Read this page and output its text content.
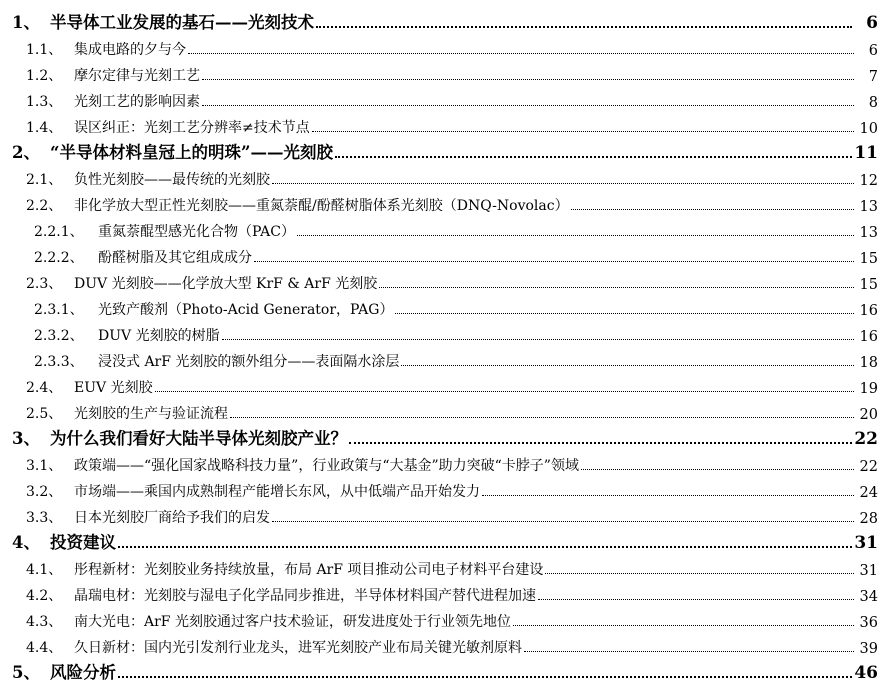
1、 半导体工业发展的基石——光刻技术	6
1.1、 集成电路的夕与今	6
1.2、 摩尔定律与光刻工艺	7
1.3、 光刻工艺的影响因素	8
1.4、 误区纠正：光刻工艺分辨率≠技术节点	10
2、 “半导体材料皇冠上的明珠”——光刻胶	11
2.1、 负性光刻胶——最传统的光刻胶	12
2.2、 非化学放大型正性光刻胶——重氮萘醌/酚醛树脂体系光刻胶（DNQ-Novolac）	13
2.2.1、	重氮萘醌型感光化合物（PAC）	13
2.2.2、	酚醛树脂及其它组成成分	15
2.3、 DUV 光刻胶——化学放大型 KrF & ArF 光刻胶	15
2.3.1、	光致产酸剂（Photo-Acid Generator，PAG）	16
2.3.2、	DUV 光刻胶的树脂	16
2.3.3、	浸没式 ArF 光刻胶的额外组分——表面隔水涂层	18
2.4、 EUV 光刻胶	19
2.5、 光刻胶的生产与验证流程	20
3、 为什么我们看好大陆半导体光刻胶产业？	22
3.1、 政策端——“强化国家战略科技力量”，行业政策与“大基金”助力突破“卡脖子”领域	22
3.2、 市场端——乘国内成熟制程产能增长东风，从中低端产品开始发力	24
3.3、 日本光刻胶厂商给予我们的启发	28
4、 投资建议	31
4.1、 彤程新材：光刻胶业务持续放量，布局 ArF 项目推动公司电子材料平台建设	31
4.2、 晶瑞电材：光刻胶与湿电子化学品同步推进，半导体材料国产替代进程加速	34
4.3、 南大光电：ArF 光刻胶通过客户技术验证，研发进度处于行业领先地位	36
4.4、 久日新材：国内光引发剂行业龙头，进军光刻胶产业布局关键光敏剂原料	39
5、 风险分析	46
